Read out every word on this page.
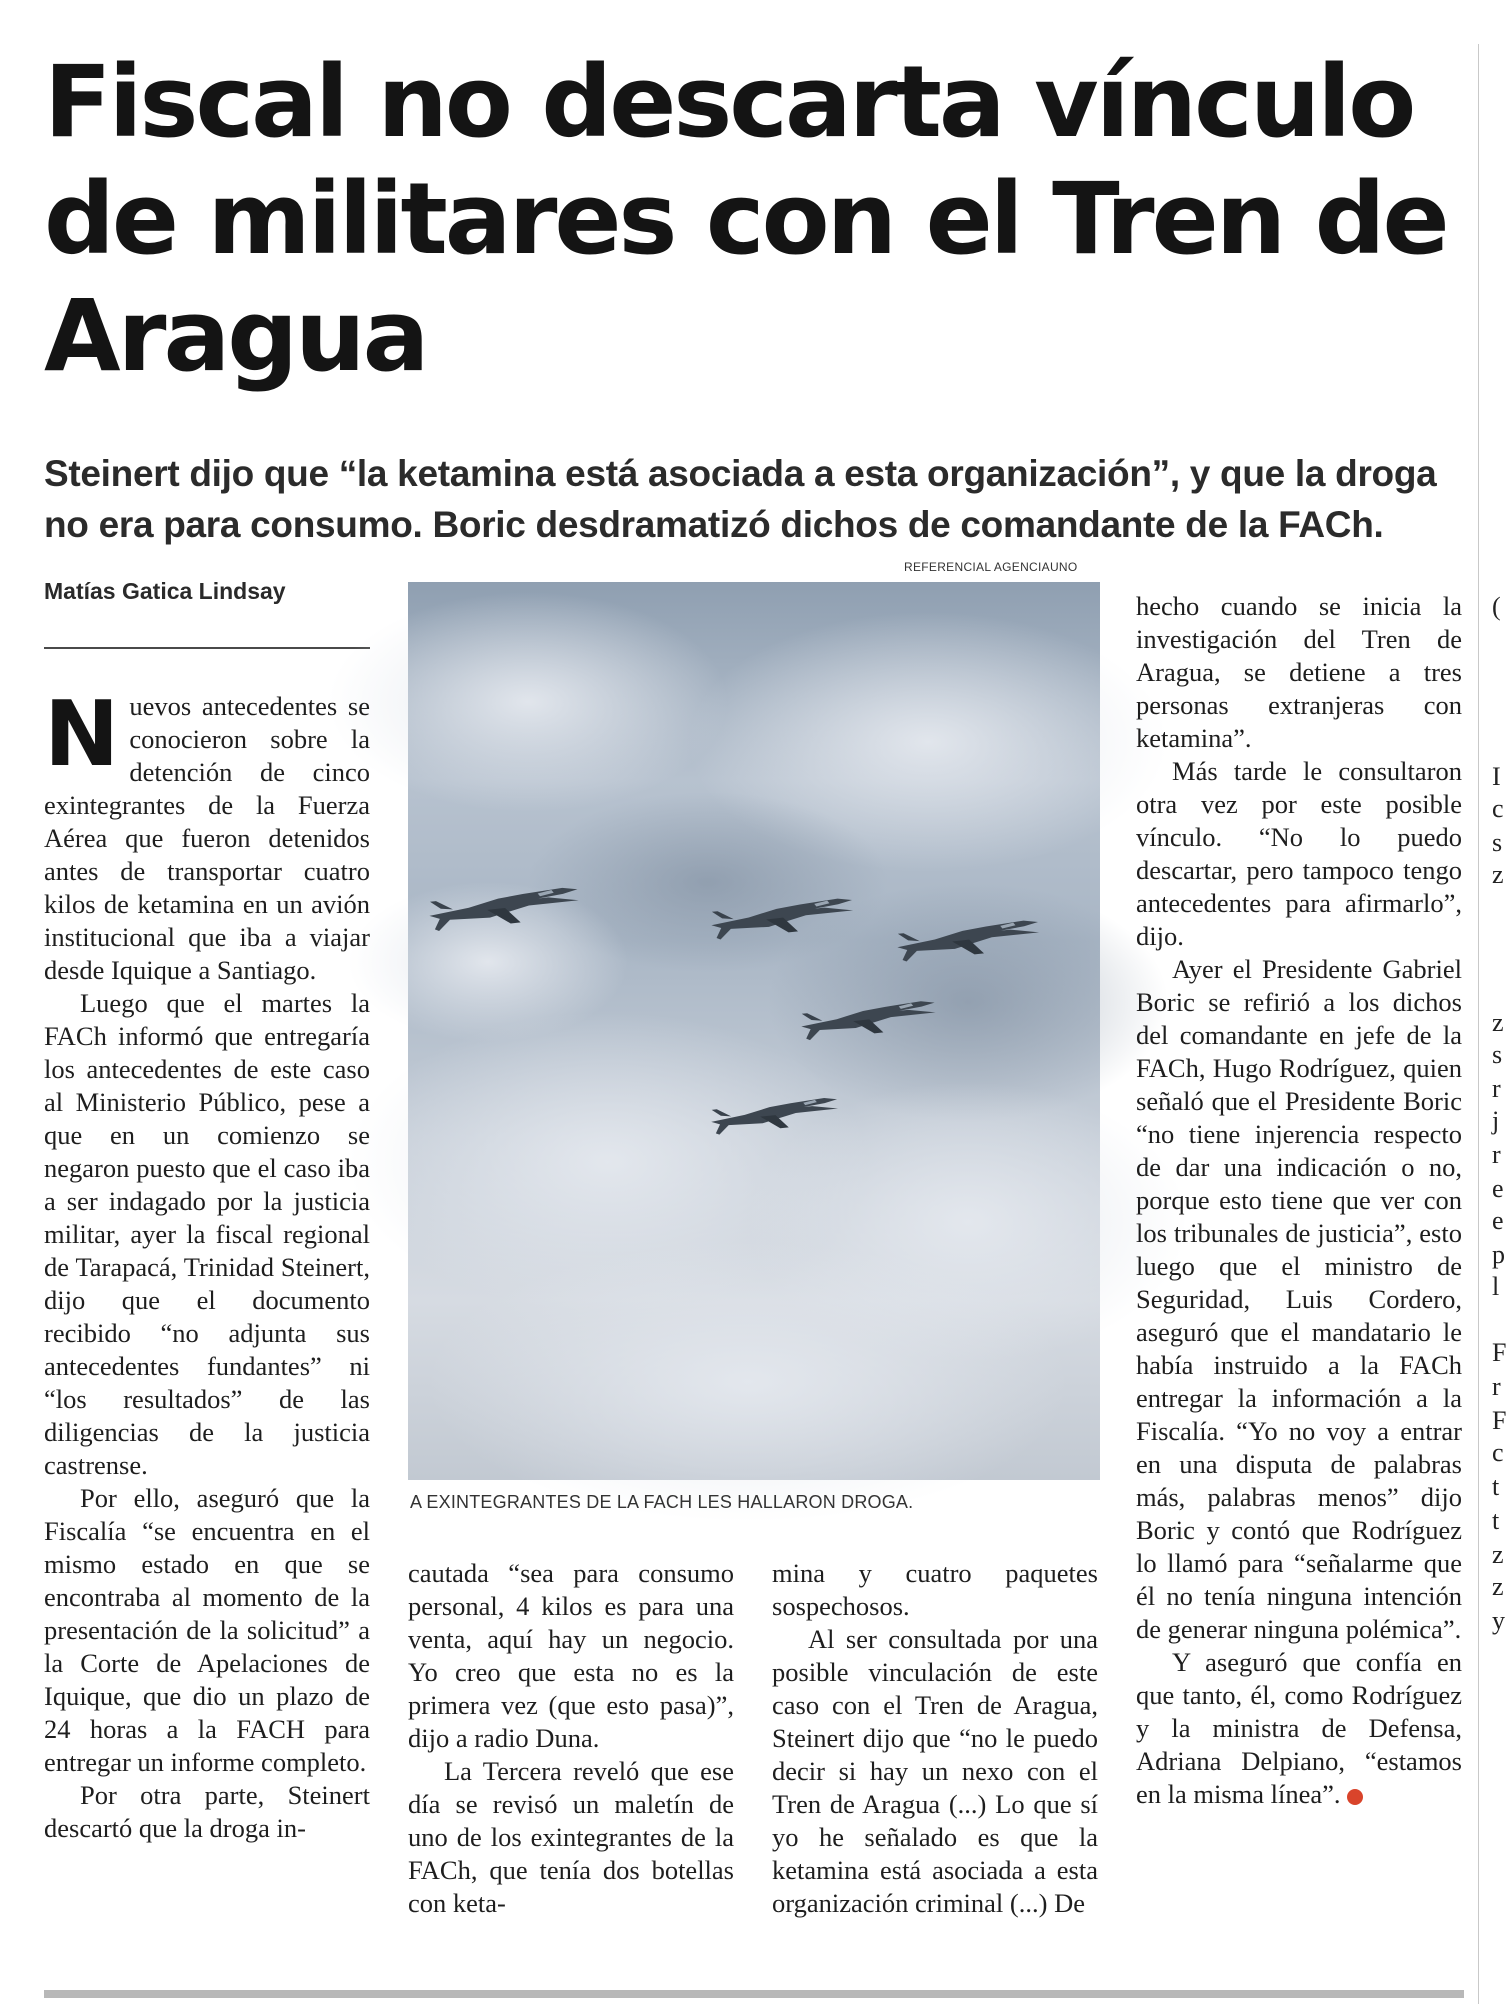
Fiscal no descarta vínculo de militares con el Tren de Aragua
Steinert dijo que “la ketamina está asociada a esta organización”, y que la droga no era para consumo. Boric desdramatizó dichos de comandante de la FACh.
Matías Gatica Lindsay
REFERENCIAL AGENCIAUNO
A EXINTEGRANTES DE LA FACH LES HALLARON DROGA.

Nuevos antecedentes se conocieron sobre la detención de cinco exintegrantes de la Fuerza Aérea que fueron detenidos antes de transportar cuatro kilos de ketamina en un avión institucional que iba a viajar desde Iquique a Santiago.

Luego que el martes la FACh informó que entregaría los antecedentes de este caso al Ministerio Público, pese a que en un comienzo se negaron puesto que el caso iba a ser indagado por la justicia militar, ayer la fiscal regional de Tarapacá, Trinidad Steinert, dijo que el documento recibido “no adjunta sus antecedentes fundantes” ni “los resultados” de las diligencias de la justicia castrense.

Por ello, aseguró que la Fiscalía “se encuentra en el mismo estado en que se encontraba al momento de la presentación de la solicitud” a la Corte de Apelaciones de Iquique, que dio un plazo de 24 horas a la FACH para entregar un informe completo.

Por otra parte, Steinert descartó que la droga in-

cautada “sea para consumo personal, 4 kilos es para una venta, aquí hay un negocio. Yo creo que esta no es la primera vez (que esto pasa)”, dijo a radio Duna.

La Tercera reveló que ese día se revisó un maletín de uno de los exintegrantes de la FACh, que tenía dos botellas con keta-

mina y cuatro paquetes sospechosos.

Al ser consultada por una posible vinculación de este caso con el Tren de Aragua, Steinert dijo que “no le puedo decir si hay un nexo con el Tren de Aragua (...) Lo que sí yo he señalado es que la ketamina está asociada a esta organización criminal (...) De

hecho cuando se inicia la investigación del Tren de Aragua, se detiene a tres personas extranjeras con ketamina”.

Más tarde le consultaron otra vez por este posible vínculo. “No lo puedo descartar, pero tampoco tengo antecedentes para afirmarlo”, dijo.

Ayer el Presidente Gabriel Boric se refirió a los dichos del comandante en jefe de la FACh, Hugo Rodríguez, quien señaló que el Presidente Boric “no tiene injerencia respecto de dar una indicación o no, porque esto tiene que ver con los tribunales de justicia”, esto luego que el ministro de Seguridad, Luis Cordero, aseguró que el mandatario le había instruido a la FACh entregar la información a la Fiscalía. “Yo no voy a entrar en una disputa de palabras más, palabras menos” dijo Boric y contó que Rodríguez lo llamó para “señalarme que él no tenía ninguna intención de generar ninguna polémica”.

Y aseguró que confía en que tanto, él, como Rodríguez y la ministra de Defensa, Adriana Delpiano, “estamos en la misma línea”.	✪

(
I
c
s
z
z
s
r
j
r
e
e
p
l
F
r
F
c
t
t
z
z
y
